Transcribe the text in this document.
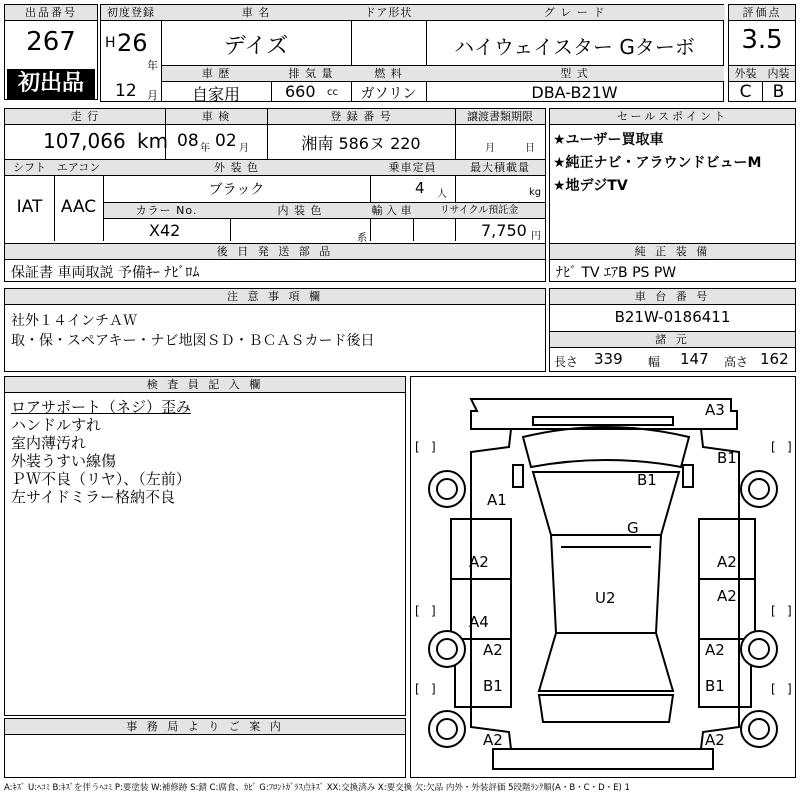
出品番号
267
初出品
初度登録	車 名	ドア形状	グ レ ー ド
H 26
年
12 月
デイズ	ハイウェイスター Gターボ
車 歴	排 気 量	燃 料	型 式
自家用	660 cc	ガソリン	DBA-B21W
評価点
3.5
外装	内装
C	B
走 行	車 検	登 録 番 号	譲渡書類期限
107,066 km 08 年 02 月	湘南 586ヌ 220	月	日
シフト エアコン	外 装 色	乗車定員	最大積載量
IAT	AAC
ブラック	4 人	kg
カラー No.	内 装 色	輸 入 車	リサイクル預託金
X42	系	7,750 円
後 日 発 送 部 品
保証書 車両取説 予備ｷｰ ﾅﾋﾞﾛﾑ
セールスポイント
★ユーザー買取車
★純正ナビ・アラウンドビューM
★地デジTV
純 正 装 備
ﾅﾋﾞ TV ｴｱB PS PW
注 意 事 項 欄
社外１４インチＡＷ
取・保・スペアキー・ナビ地図ＳＤ・ＢＣＡＳカード後日
車 台 番 号
B21W-0186411
諸 元
長さ 339 幅 147 高さ 162
検 査 員 記 入 欄
ロアサポート（ネジ）歪み
ハンドルすれ
室内薄汚れ
外装うすい線傷
ＰＷ不良（リヤ）、（左前）
左サイドミラー格納不良
事 務 局 よ り ご 案 内
[ ]	[ ]
[ ]	[ ]
[ ]	[ ]
A3
B1
B1
A1
G
A2	A2
U2	A2
A4
A2	A2
B1	B1
A2	A2
A:ｷｽﾞ U:ﾍｺﾐ B:ｷｽﾞを伴うﾍｺﾐ P:要塗装 W:補修跡 S:錆 C:腐食、ｶﾋﾞ G:ﾌﾛﾝﾄｶﾞﾗｽ点ｷｽﾞ XX:交換済み X:要交換 欠:欠品 内外・外装評価 5段階ﾗﾝｸ順(A・B・C・D・E) 1
